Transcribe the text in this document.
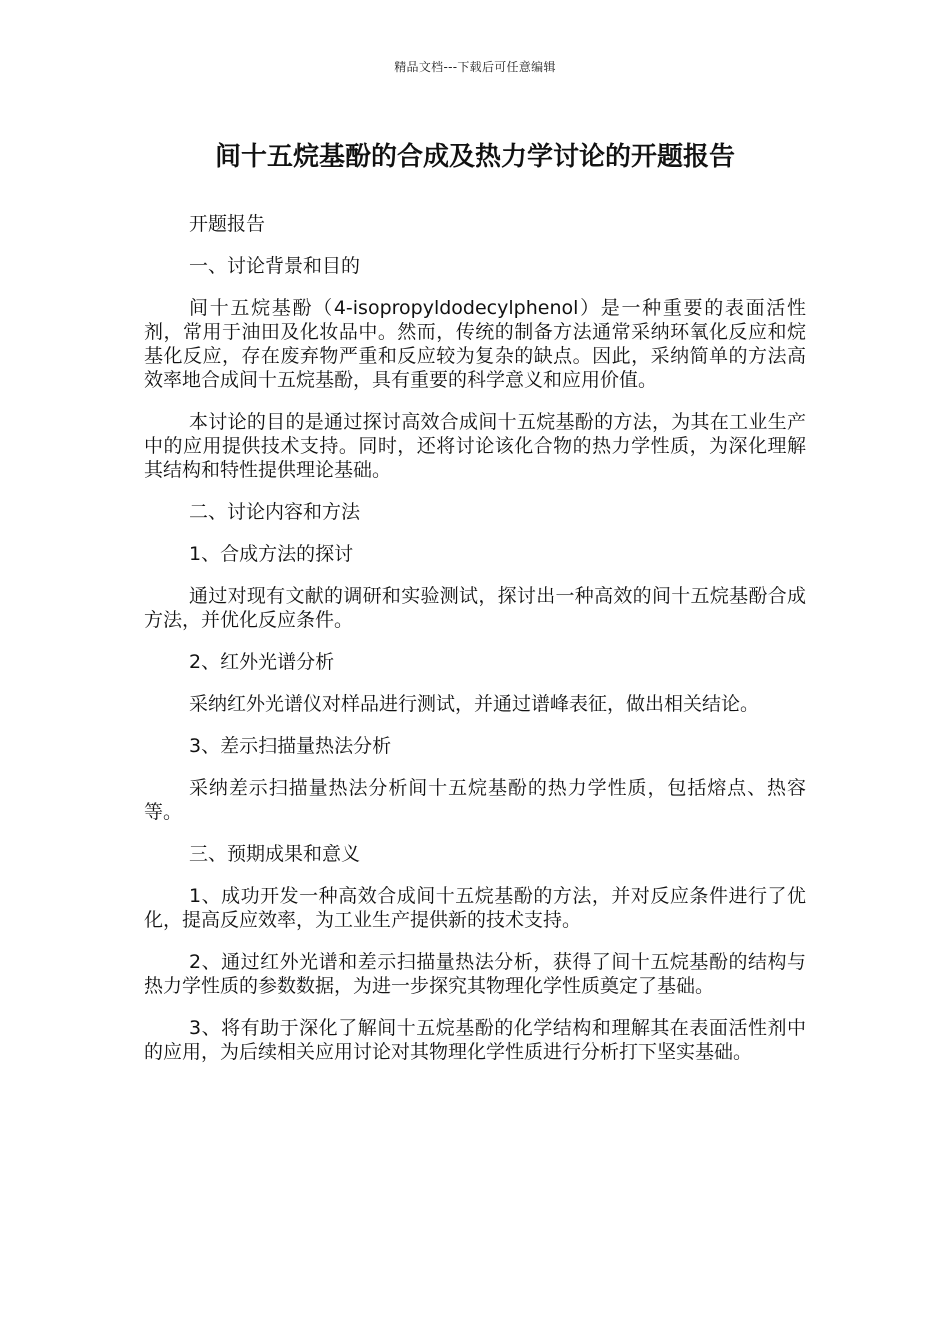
精品文档---下载后可任意编辑
间十五烷基酚的合成及热力学讨论的开题报告

开题报告

一、讨论背景和目的

间十五烷基酚（4-isopropyldodecylphenol）是一种重要的表面活性剂，常用于油田及化妆品中。然而，传统的制备方法通常采纳环氧化反应和烷基化反应，存在废弃物严重和反应较为复杂的缺点。因此，采纳简单的方法高效率地合成间十五烷基酚，具有重要的科学意义和应用价值。

本讨论的目的是通过探讨高效合成间十五烷基酚的方法，为其在工业生产中的应用提供技术支持。同时，还将讨论该化合物的热力学性质，为深化理解其结构和特性提供理论基础。

二、讨论内容和方法

1、合成方法的探讨

通过对现有文献的调研和实验测试，探讨出一种高效的间十五烷基酚合成方法，并优化反应条件。

2、红外光谱分析

采纳红外光谱仪对样品进行测试，并通过谱峰表征，做出相关结论。

3、差示扫描量热法分析

采纳差示扫描量热法分析间十五烷基酚的热力学性质，包括熔点、热容等。

三、预期成果和意义

1、成功开发一种高效合成间十五烷基酚的方法，并对反应条件进行了优化，提高反应效率，为工业生产提供新的技术支持。

2、通过红外光谱和差示扫描量热法分析，获得了间十五烷基酚的结构与热力学性质的参数数据，为进一步探究其物理化学性质奠定了基础。

3、将有助于深化了解间十五烷基酚的化学结构和理解其在表面活性剂中的应用，为后续相关应用讨论对其物理化学性质进行分析打下坚实基础。
